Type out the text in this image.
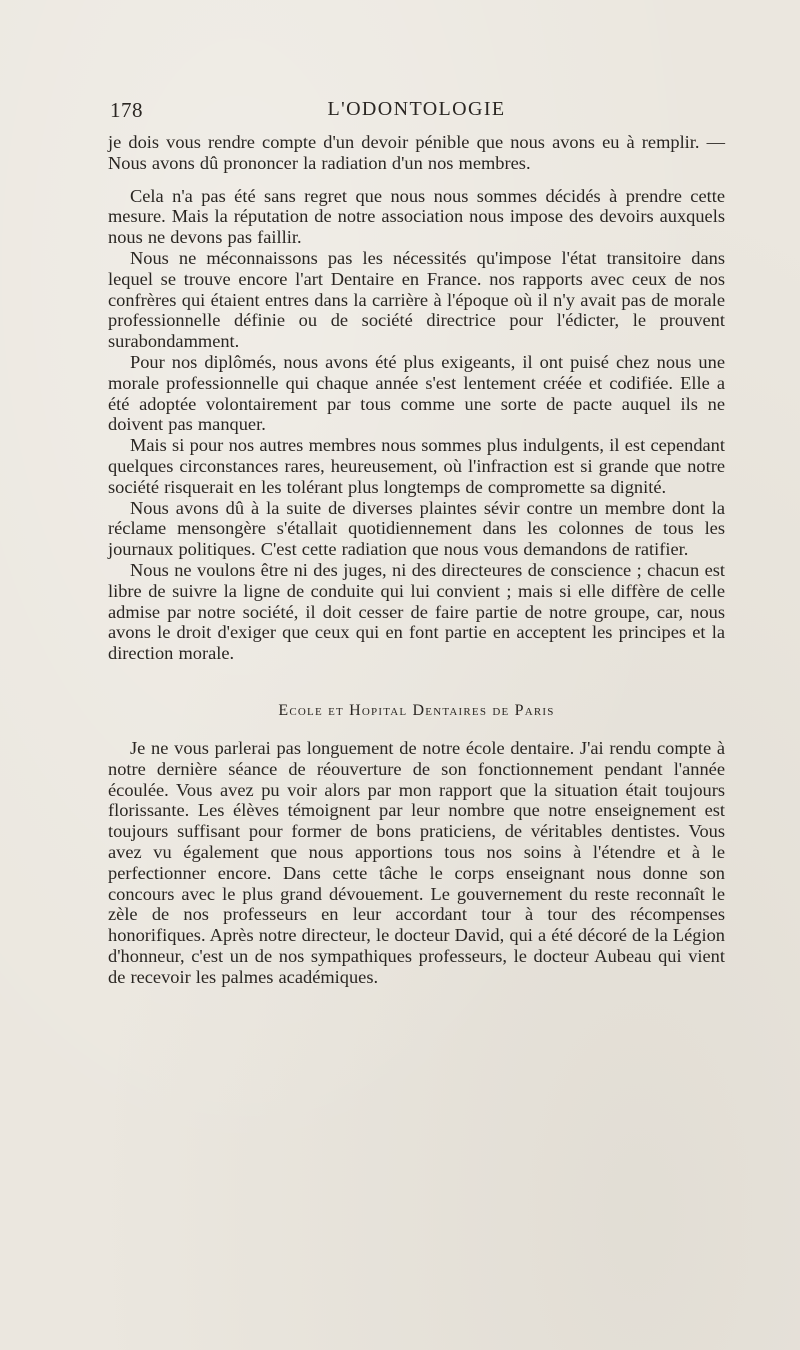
178	L'ODONTOLOGIE

je dois vous rendre compte d'un devoir pénible que nous avons eu à remplir. — Nous avons dû prononcer la radiation d'un nos membres.

Cela n'a pas été sans regret que nous nous sommes décidés à prendre cette mesure. Mais la réputation de notre association nous impose des devoirs auxquels nous ne devons pas faillir.

Nous ne méconnaissons pas les nécessités qu'impose l'état transitoire dans lequel se trouve encore l'art Dentaire en France. nos rapports avec ceux de nos confrères qui étaient entres dans la carrière à l'époque où il n'y avait pas de morale professionnelle définie ou de société directrice pour l'édicter, le prouvent surabondamment.

Pour nos diplômés, nous avons été plus exigeants, il ont puisé chez nous une morale professionnelle qui chaque année s'est lentement créée et codifiée. Elle a été adoptée volontairement par tous comme une sorte de pacte auquel ils ne doivent pas manquer.

Mais si pour nos autres membres nous sommes plus indulgents, il est cependant quelques circonstances rares, heureusement, où l'infraction est si grande que notre société risquerait en les tolérant plus longtemps de compromette sa dignité.

Nous avons dû à la suite de diverses plaintes sévir contre un membre dont la réclame mensongère s'étallait quotidiennement dans les colonnes de tous les journaux politiques. C'est cette radiation que nous vous demandons de ratifier.

Nous ne voulons être ni des juges, ni des directeures de conscience ; chacun est libre de suivre la ligne de conduite qui lui convient ; mais si elle diffère de celle admise par notre société, il doit cesser de faire partie de notre groupe, car, nous avons le droit d'exiger que ceux qui en font partie en acceptent les principes et la direction morale.

Ecole et Hopital Dentaires de Paris

Je ne vous parlerai pas longuement de notre école dentaire. J'ai rendu compte à notre dernière séance de réouverture de son fonctionnement pendant l'année écoulée. Vous avez pu voir alors par mon rapport que la situation était toujours florissante. Les élèves témoignent par leur nombre que notre enseignement est toujours suffisant pour former de bons praticiens, de véritables dentistes. Vous avez vu également que nous apportions tous nos soins à l'étendre et à le perfectionner encore. Dans cette tâche le corps enseignant nous donne son concours avec le plus grand dévouement. Le gouvernement du reste reconnaît le zèle de nos professeurs en leur accordant tour à tour des récompenses honorifiques. Après notre directeur, le docteur David, qui a été décoré de la Légion d'honneur, c'est un de nos sympathiques professeurs, le docteur Aubeau qui vient de recevoir les palmes académiques.
